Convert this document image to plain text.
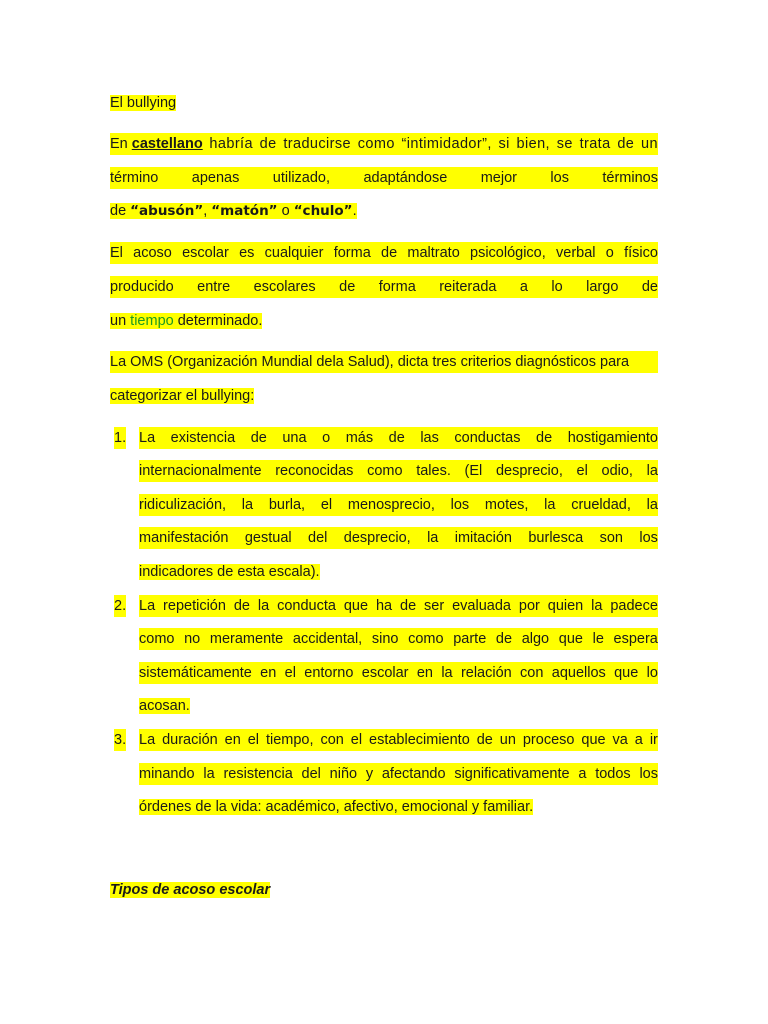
El bullying
En castellano habría de traducirse como “intimidador”, si bien, se trata de un
término apenas utilizado, adaptándose mejor los términos
de “abusón”, “matón” o “chulo”.
El acoso escolar es cualquier forma de maltrato psicológico, verbal o físico
producido entre escolares de forma reiterada a lo largo de
un tiempo determinado.
La OMS (Organización Mundial dela Salud), dicta tres criterios diagnósticos para
categorizar el bullying:
1. La existencia de una o más de las conductas de hostigamiento
internacionalmente reconocidas como tales. (El desprecio, el odio, la
ridiculización, la burla, el menosprecio, los motes, la crueldad, la
manifestación gestual del desprecio, la imitación burlesca son los
indicadores de esta escala).
2. La repetición de la conducta que ha de ser evaluada por quien la padece
como no meramente accidental, sino como parte de algo que le espera
sistemáticamente en el entorno escolar en la relación con aquellos que lo
acosan.
3. La duración en el tiempo, con el establecimiento de un proceso que va a ir
minando la resistencia del niño y afectando significativamente a todos los
órdenes de la vida: académico, afectivo, emocional y familiar.
Tipos de acoso escolar
